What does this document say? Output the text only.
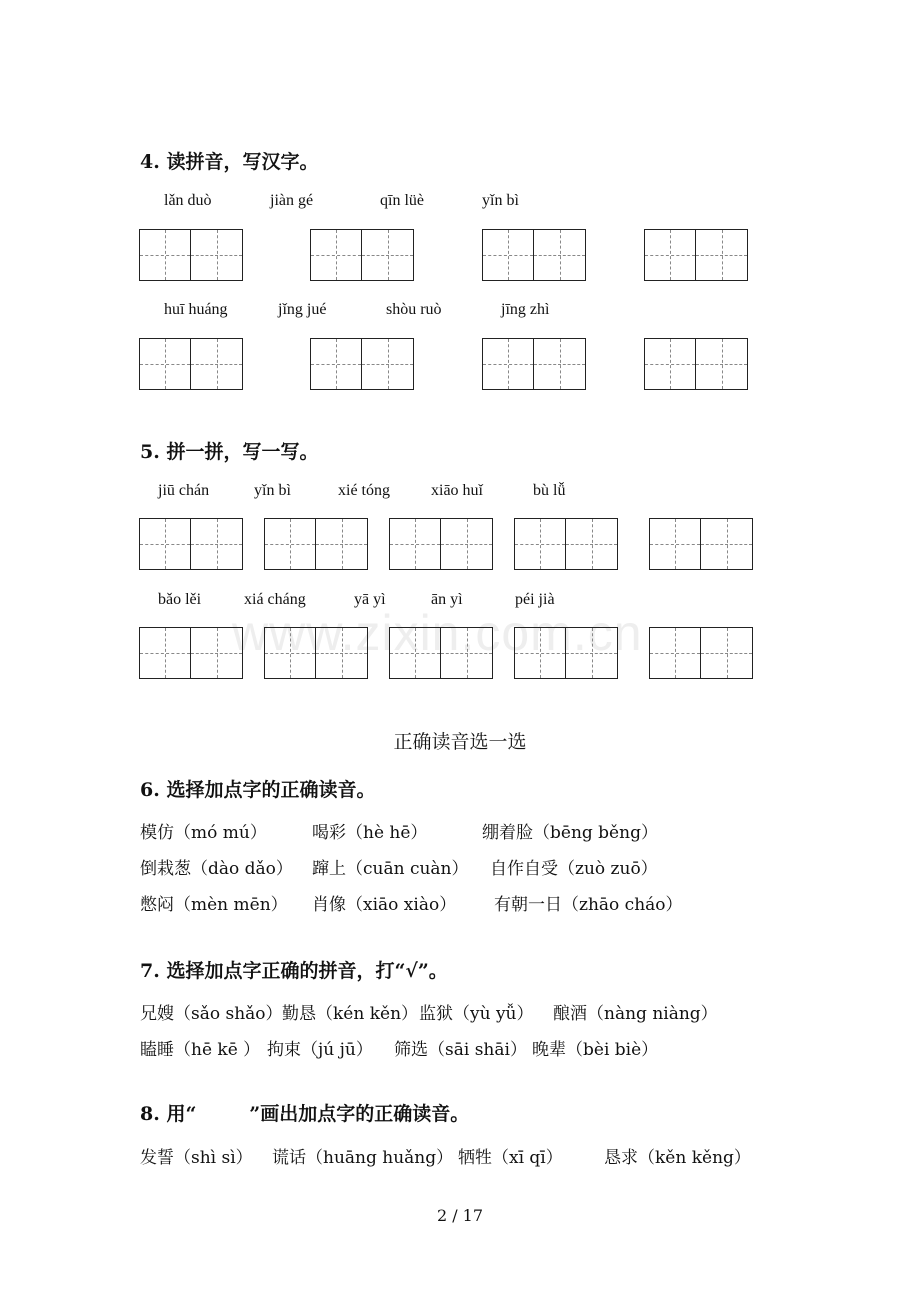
www.zixin.com.cn
4. 读拼音，写汉字。
lǎn duò	jiàn gé	qīn lüè	yǐn bì
huī huáng	jǐng jué	shòu ruò	jīng zhì
5. 拼一拼，写一写。
jiū chán	yǐn bì	xié tóng	xiāo huǐ	bù lǚ
bǎo lěi	xiá cháng	yā yì	ān yì	péi jià
正确读音选一选
6. 选择加点字的正确读音。
模仿（mó mú）	喝彩（hè hē）	绷着脸（bēng běng）
倒栽葱（dào dǎo） 蹿上（cuān cuàn） 自作自受（zuò zuō）
憋闷（mèn mēn） 肖像（xiāo xiào） 有朝一日（zhāo cháo）
7. 选择加点字正确的拼音，打“√”。
兄嫂（sǎo shǎo） 勤恳（kén kěn） 监狱（yù yǚ） 酿酒（nàng niàng）
瞌睡（hē kē ） 拘束（jú jū） 筛选（sāi shāi） 晚辈（bèi biè）
8. 用“        ”画出加点字的正确读音。
发誓（shì sì） 谎话（huāng huǎng） 牺牲（xī qī） 恳求（kěn kěng）
2 / 17
